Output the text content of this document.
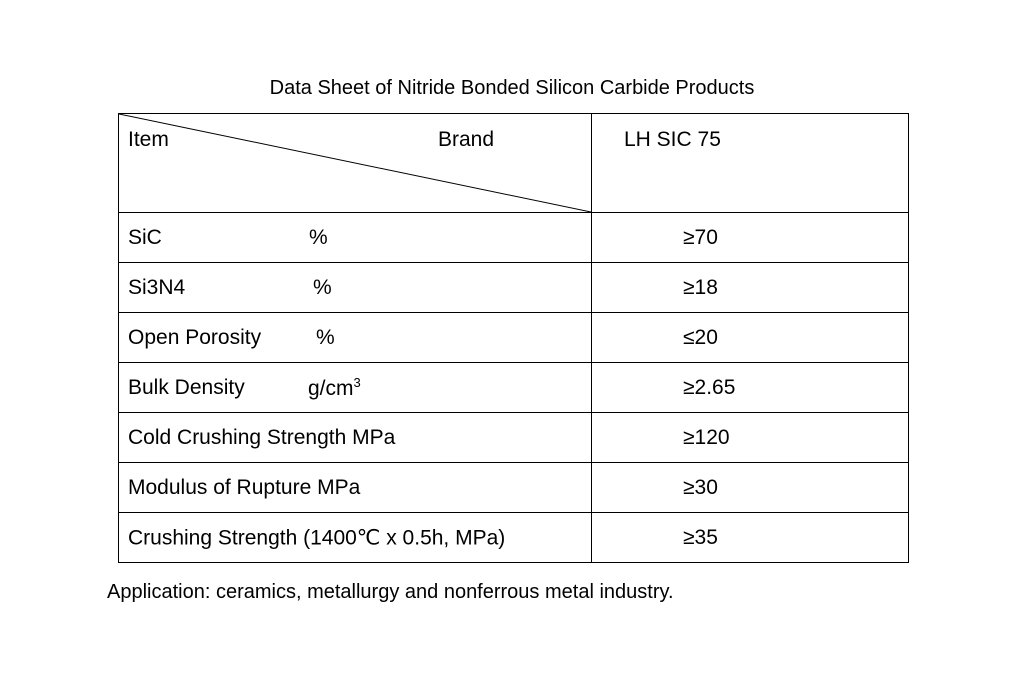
Data Sheet of Nitride Bonded Silicon Carbide Products
Item Brand	LH SIC 75

SiC %	≥70

Si3N4 %	≥18

Open Porosity %	≤20

Bulk Density $g/cm^3$	≥2.65

Cold Crushing Strength MPa	≥120

Modulus of Rupture MPa	≥30

Crushing Strength (1400℃ x 0.5h, MPa)	≥35
Application: ceramics, metallurgy and nonferrous metal industry.
